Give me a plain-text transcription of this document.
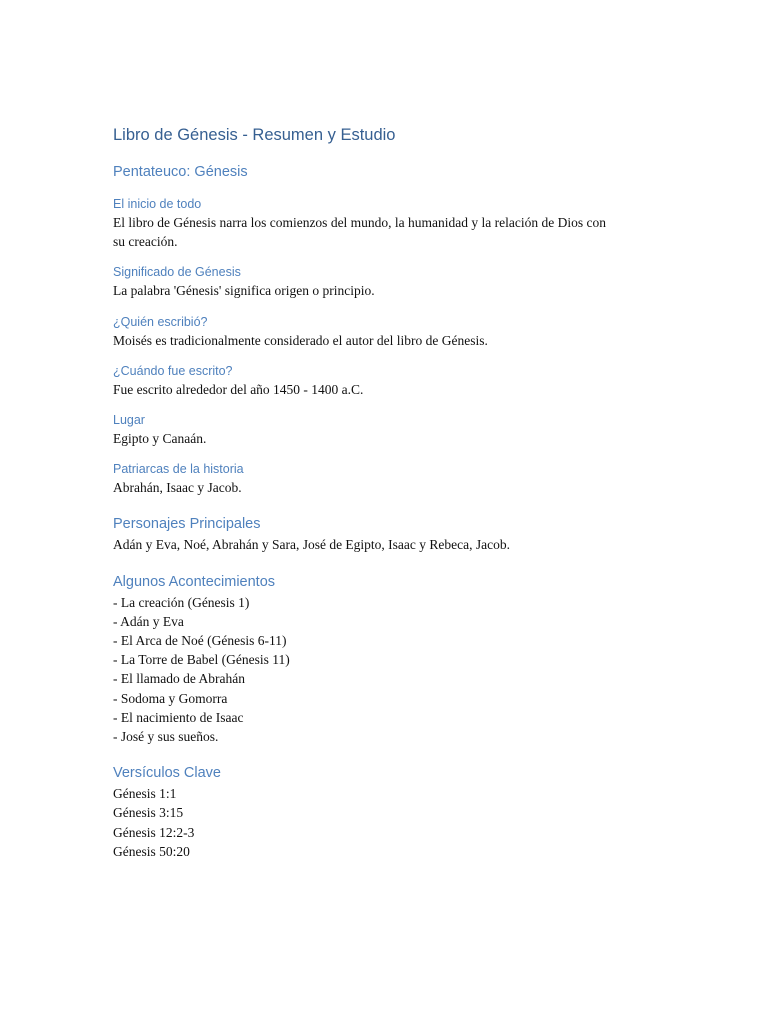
Libro de Génesis - Resumen y Estudio
Pentateuco: Génesis
El inicio de todo
El libro de Génesis narra los comienzos del mundo, la humanidad y la relación de Dios con
su creación.
Significado de Génesis
La palabra 'Génesis' significa origen o principio.
¿Quién escribió?
Moisés es tradicionalmente considerado el autor del libro de Génesis.
¿Cuándo fue escrito?
Fue escrito alrededor del año 1450 - 1400 a.C.
Lugar
Egipto y Canaán.
Patriarcas de la historia
Abrahán, Isaac y Jacob.
Personajes Principales
Adán y Eva, Noé, Abrahán y Sara, José de Egipto, Isaac y Rebeca, Jacob.
Algunos Acontecimientos
- La creación (Génesis 1)
- Adán y Eva
- El Arca de Noé (Génesis 6-11)
- La Torre de Babel (Génesis 11)
- El llamado de Abrahán
- Sodoma y Gomorra
- El nacimiento de Isaac
- José y sus sueños.
Versículos Clave
Génesis 1:1
Génesis 3:15
Génesis 12:2-3
Génesis 50:20
